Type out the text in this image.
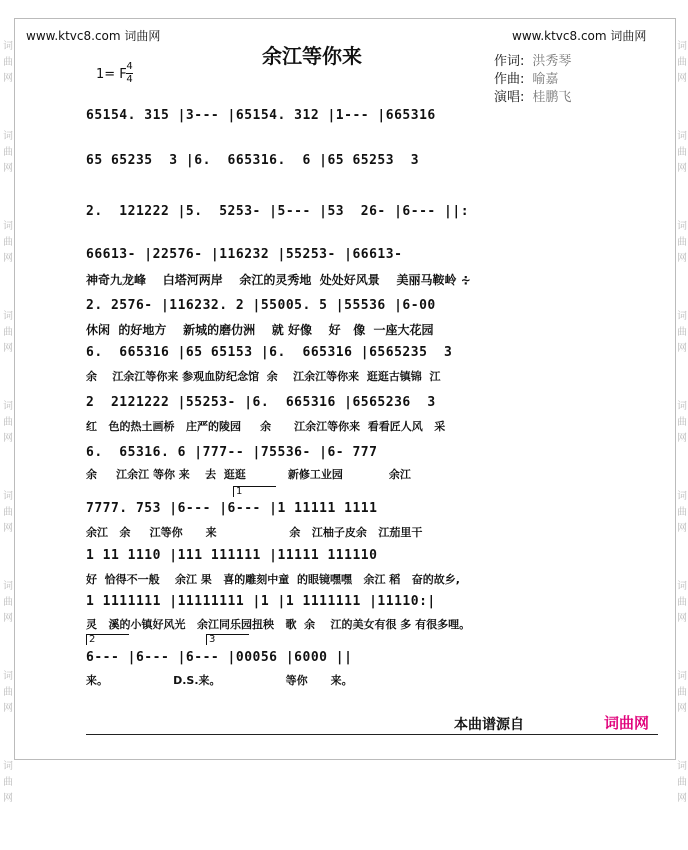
词
曲
网
词
曲
网
词
曲
网
词
曲
网
词
曲
网
词
曲
网
词
曲
网
词
曲
网
词
曲
网
词
曲
网
词
曲
网
词
曲
网
词
曲
网
词
曲
网
词
曲
网
词
曲
网
词
曲
网
词
曲
网
www.ktvc8.com 词曲网	www.ktvc8.com 词曲网
余江等你来
1= F
4
4
作词: 洪秀琴
作曲: 喻嘉
演唱: 桂鹏飞
65154. 315 |3--- |65154. 312 |1--- |665316
65 65235  3 |6.  665316.  6 |65 65253  3
2.  121222 |5.  5253- |5--- |53  26- |6--- ||:
66613- |22576- |116232 |55253- |66613-
神奇九龙峰    白塔河两岸    余江的灵秀地  处处好风景    美丽马鞍岭 ∻
2. 2576- |116232. 2 |55005. 5 |55536 |6-00
休闲  的好地方    新城的磨仂洲    就 好像    好   像  一座大花园
6.  665316 |65 65153 |6.  665316 |6565235  3
余    江余江等你来 参观血防纪念馆  余    江余江等你来  逛逛古镇锦  江
2  2121222 |55253- |6.  665316 |6565236  3
红   色的热土画桥   庄严的陵园     余      江余江等你来  看看匠人风   采
6.  65316. 6 |777-- |75536- |6- 777
余     江余江 等你 来    去  逛逛           新修工业园            余江
1
7777. 753 |6--- |6--- |1 11111 1111
余江   余     江等你      来                   余   江柚子皮余   江茄里干
1 11 1110 |111 111111 |11111 111110
好  恰得不一般    余江 果   喜的雕刻中童  的眼镜嘿嘿   余江 稻   奋的故乡,
1 1111111 |11111111 |1 |1 1111111 |11110:|
灵   溪的小镇好风光   余江同乐园扭秧   歌  余    江的美女有很 多 有很多哩。
2	3
6--- |6--- |6--- |00056 |6000 ||
来。                 D.S.来。                 等你      来。
本曲谱源自	词曲网
